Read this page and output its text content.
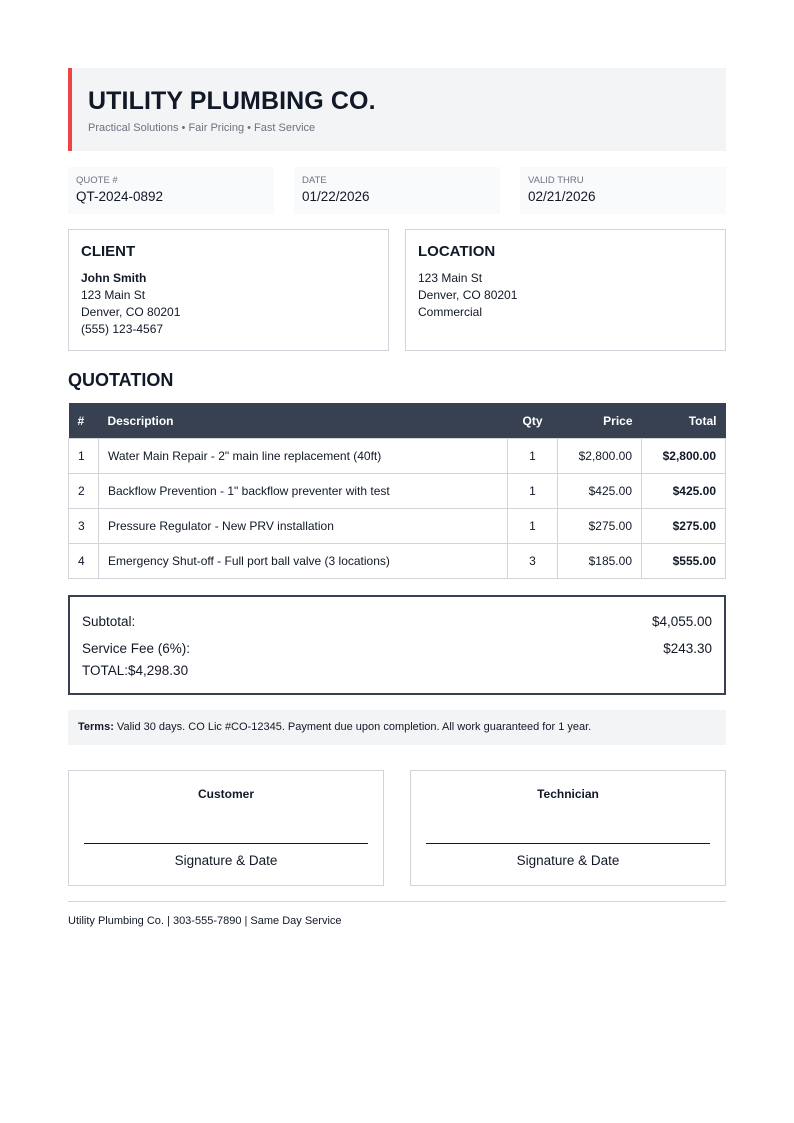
UTILITY PLUMBING CO.
Practical Solutions • Fair Pricing • Fast Service
QUOTE #
QT-2024-0892
DATE
01/22/2026
VALID THRU
02/21/2026
CLIENT
John Smith
123 Main St
Denver, CO 80201
(555) 123-4567
LOCATION
123 Main St
Denver, CO 80201
Commercial
QUOTATION
#	Description	Qty	Price	Total
1	Water Main Repair - 2" main line replacement (40ft)	1	$2,800.00	$2,800.00
2	Backflow Prevention - 1" backflow preventer with test	1	$425.00	$425.00
3	Pressure Regulator - New PRV installation	1	$275.00	$275.00
4	Emergency Shut-off - Full port ball valve (3 locations)	3	$185.00	$555.00
Subtotal:	$4,055.00
Service Fee (6%):	$243.30
TOTAL: $4,298.30
Terms: Valid 30 days. CO Lic #CO-12345. Payment due upon completion. All work guaranteed for 1 year.
Customer
Signature & Date
Technician
Signature & Date
Utility Plumbing Co. | 303-555-7890 | Same Day Service
